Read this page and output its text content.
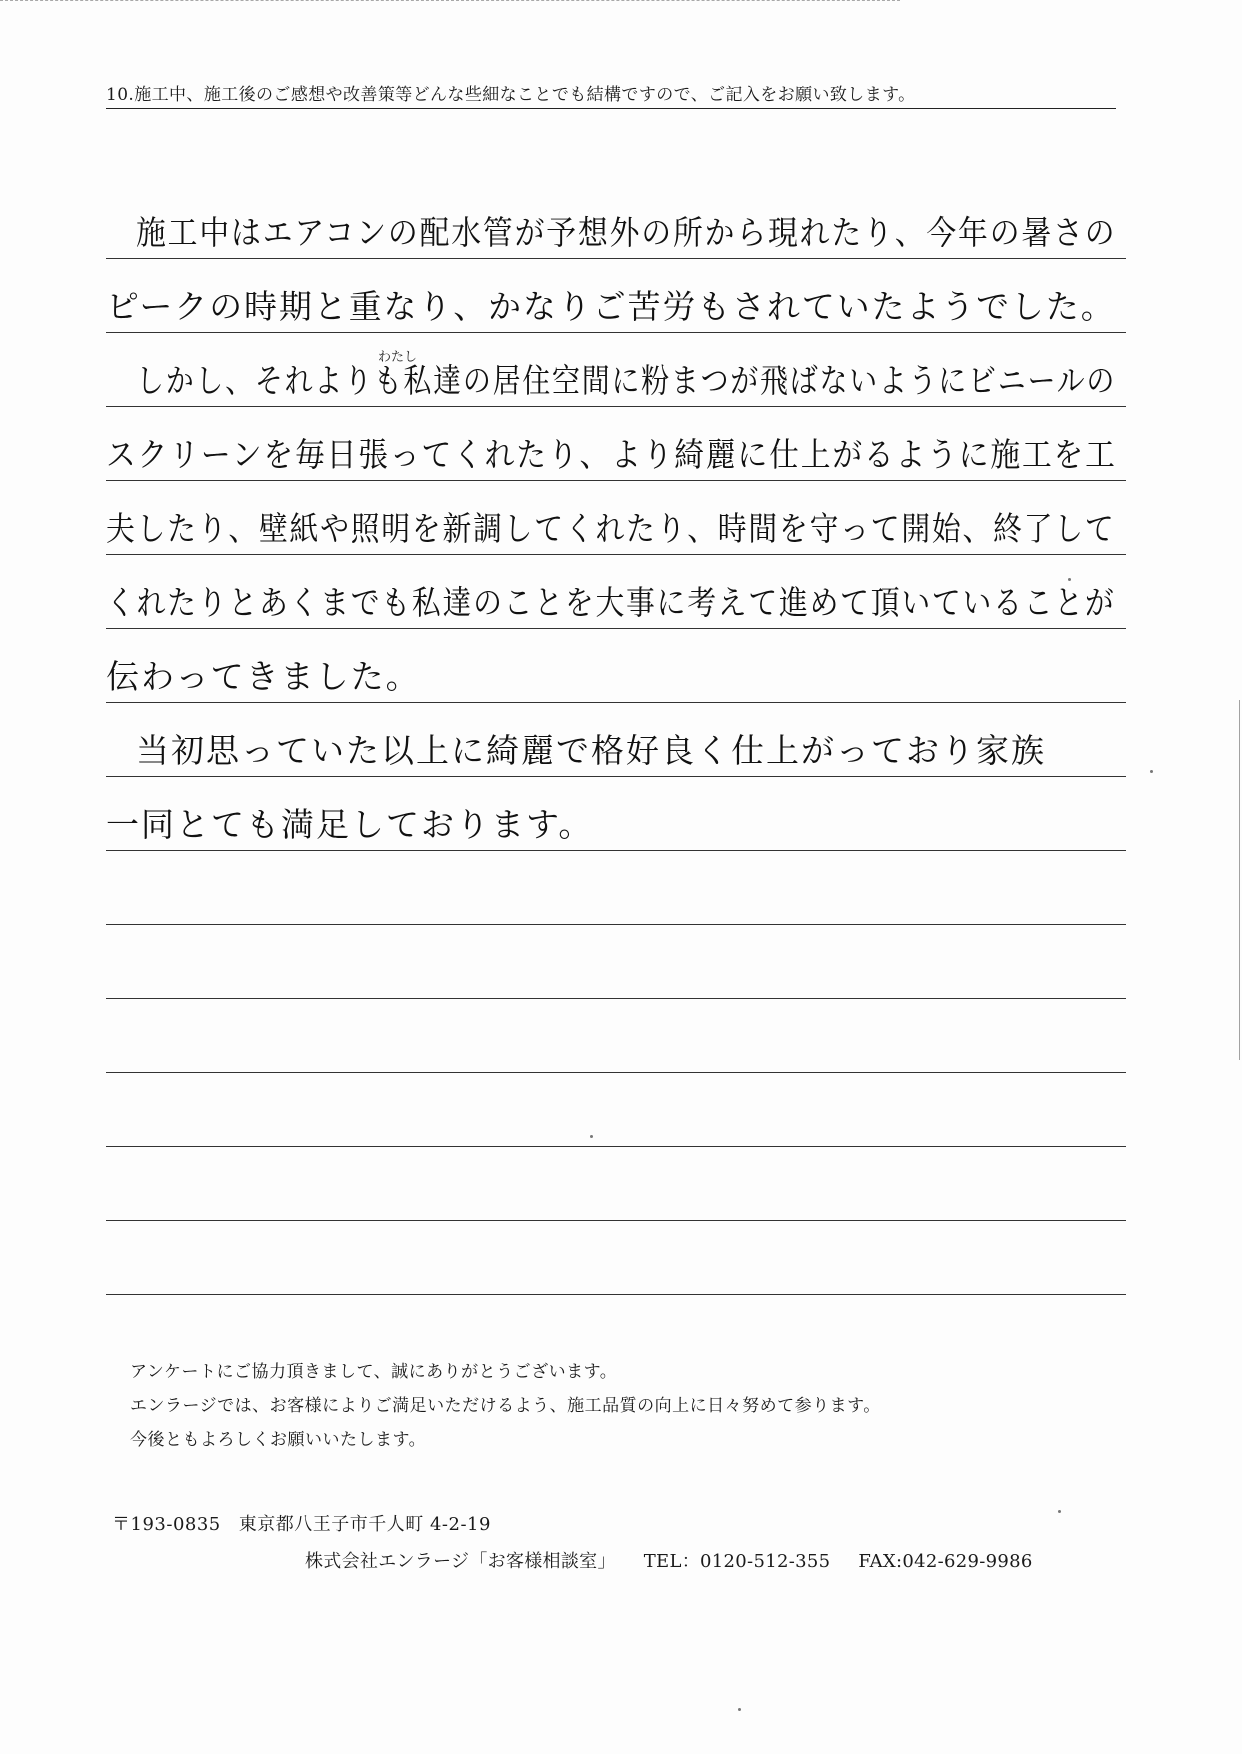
10.施工中、施工後のご感想や改善策等どんな些細なことでも結構ですので、ご記入をお願い致します。
施工中はエアコンの配水管が予想外の所から現れたり、今年の暑さの
ピークの時期と重なり、かなりご苦労もされていたようでした。
しかし、それよりも私達の居住空間に粉まつが飛ばないようにビニールの
スクリーンを毎日張ってくれたり、より綺麗に仕上がるように施工を工
夫したり、壁紙や照明を新調してくれたり、時間を守って開始、終了して
くれたりとあくまでも私達のことを大事に考えて進めて頂いていることが
伝わってきました。
当初思っていた以上に綺麗で格好良く仕上がっており家族
一同とても満足しております。
わたし
アンケートにご協力頂きまして、誠にありがとうございます。
エンラージでは、お客様によりご満足いただけるよう、施工品質の向上に日々努めて参ります。
今後ともよろしくお願いいたします。
〒193-0835 東京都八王子市千人町 4-2-19
株式会社エンラージ「お客様相談室」 TEL：0120-512-355 FAX:042-629-9986
